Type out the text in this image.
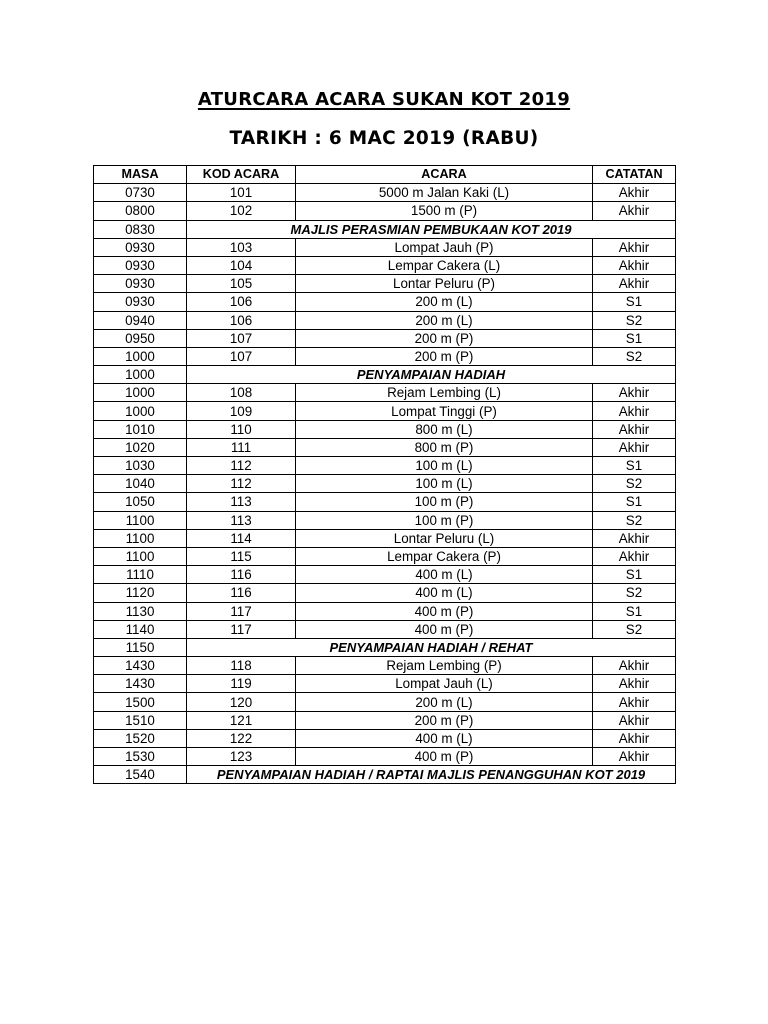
ATURCARA ACARA SUKAN KOT 2019
TARIKH : 6 MAC 2019 (RABU)
MASA	KOD ACARA	ACARA	CATATAN
0730	101	5000 m Jalan Kaki (L)	Akhir
0800	102	1500 m (P)	Akhir
0830	MAJLIS PERASMIAN PEMBUKAAN KOT 2019		
0930	103	Lompat Jauh (P)	Akhir
0930	104	Lempar Cakera (L)	Akhir
0930	105	Lontar Peluru (P)	Akhir
0930	106	200 m (L)	S1
0940	106	200 m (L)	S2
0950	107	200 m (P)	S1
1000	107	200 m (P)	S2
1000	PENYAMPAIAN HADIAH		
1000	108	Rejam Lembing (L)	Akhir
1000	109	Lompat Tinggi (P)	Akhir
1010	110	800 m (L)	Akhir
1020	111	800 m (P)	Akhir
1030	112	100 m (L)	S1
1040	112	100 m (L)	S2
1050	113	100 m (P)	S1
1100	113	100 m (P)	S2
1100	114	Lontar Peluru (L)	Akhir
1100	115	Lempar Cakera (P)	Akhir
1110	116	400 m (L)	S1
1120	116	400 m (L)	S2
1130	117	400 m (P)	S1
1140	117	400 m (P)	S2
1150	PENYAMPAIAN HADIAH / REHAT		
1430	118	Rejam Lembing (P)	Akhir
1430	119	Lompat Jauh (L)	Akhir
1500	120	200 m (L)	Akhir
1510	121	200 m (P)	Akhir
1520	122	400 m (L)	Akhir
1530	123	400 m (P)	Akhir
1540	PENYAMPAIAN HADIAH / RAPTAI MAJLIS PENANGGUHAN KOT 2019		
